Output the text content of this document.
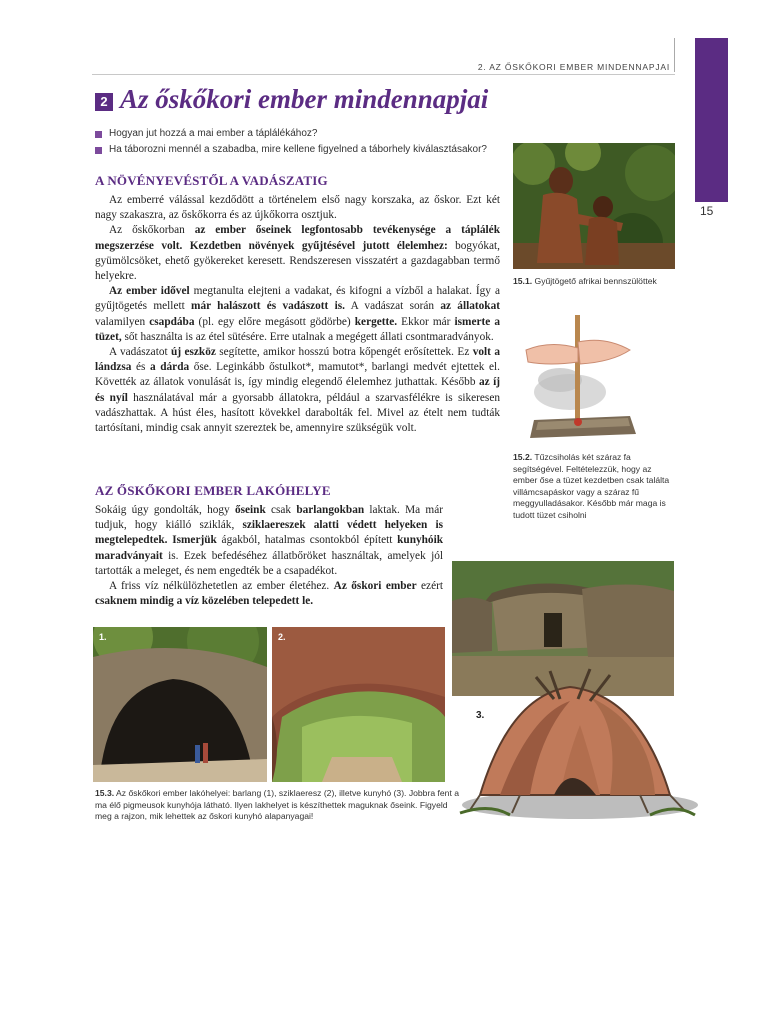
2. AZ ŐSKŐKORI EMBER MINDENNAPJAI
15
2 Az őskőkori ember mindennapjai
Hogyan jut hozzá a mai ember a táplálékához?
Ha táborozni mennél a szabadba, mire kellene figyelned a táborhely kiválasztásakor?
A NÖVÉNYEVÉSTŐL A VADÁSZATIG

Az emberré válással kezdődött a történelem első nagy korszaka, az őskor. Ezt két nagy szakaszra, az őskőkorra és az újkőkorra osztjuk.

Az őskőkorban az ember őseinek legfontosabb tevékenysége a táplálék megszerzése volt. Kezdetben növények gyűjtésével jutott élelemhez: bogyókat, gyümölcsöket, ehető gyökereket keresett. Rendszeresen visszatért a gazdagabban termő helyekre.

Az ember idővel megtanulta elejteni a vadakat, és kifogni a vízből a halakat. Így a gyűjtögetés mellett már halászott és vadászott is. A vadászat során az állatokat valamilyen csapdába (pl. egy előre megásott gödörbe) kergette. Ekkor már ismerte a tüzet, sőt használta is az étel sütésére. Erre utalnak a megégett állati csontmaradványok.

A vadászatot új eszköz segítette, amikor hosszú botra kőpengét erősítettek. Ez volt a lándzsa és a dárda őse. Leginkább őstulkot*, mamutot*, barlangi medvét ejtettek el. Követték az állatok vonulását is, így mindig elegendő élelemhez juthattak. Később az íj és nyíl használatával már a gyorsabb állatokra, például a szarvasfélékre is sikeresen vadászhattak. A húst éles, hasított kövekkel darabolták fel. Mivel az ételt nem tudták tartósítani, mindig csak annyit szereztek be, amennyire szükségük volt.

AZ ŐSKŐKORI EMBER LAKÓHELYE

Sokáig úgy gondolták, hogy őseink csak barlangokban laktak. Ma már tudjuk, hogy kiálló sziklák, sziklaereszek alatti védett helyeken is megtelepedtek. Ismerjük ágakból, hatalmas csontokból épített kunyhóik maradványait is. Ezek befedéséhez állatbőröket használtak, amelyek jól tartották a meleget, és nem engedték be a csapadékot.

A friss víz nélkülözhetetlen az ember életéhez. Az őskori ember ezért csaknem mindig a víz közelében telepedett le.

15.1. Gyűjtögető afrikai bennszülöttek
15.2. Tűzcsiholás két száraz fa segítségével. Feltételezzük, hogy az ember őse a tüzet kezdetben csak találta villámcsapáskor vagy a száraz fű meggyulladásakor. Később már maga is tudott tüzet csiholni
3.
1.	2.
15.3. Az őskőkori ember lakóhelyei: barlang (1), sziklaeresz (2), illetve kunyhó (3). Jobbra fent a ma élő pigmeusok kunyhója látható. Ilyen lakhelyet is készíthettek maguknak őseink. Figyeld meg a rajzon, mik lehettek az őskori kunyhó alapanyagai!
